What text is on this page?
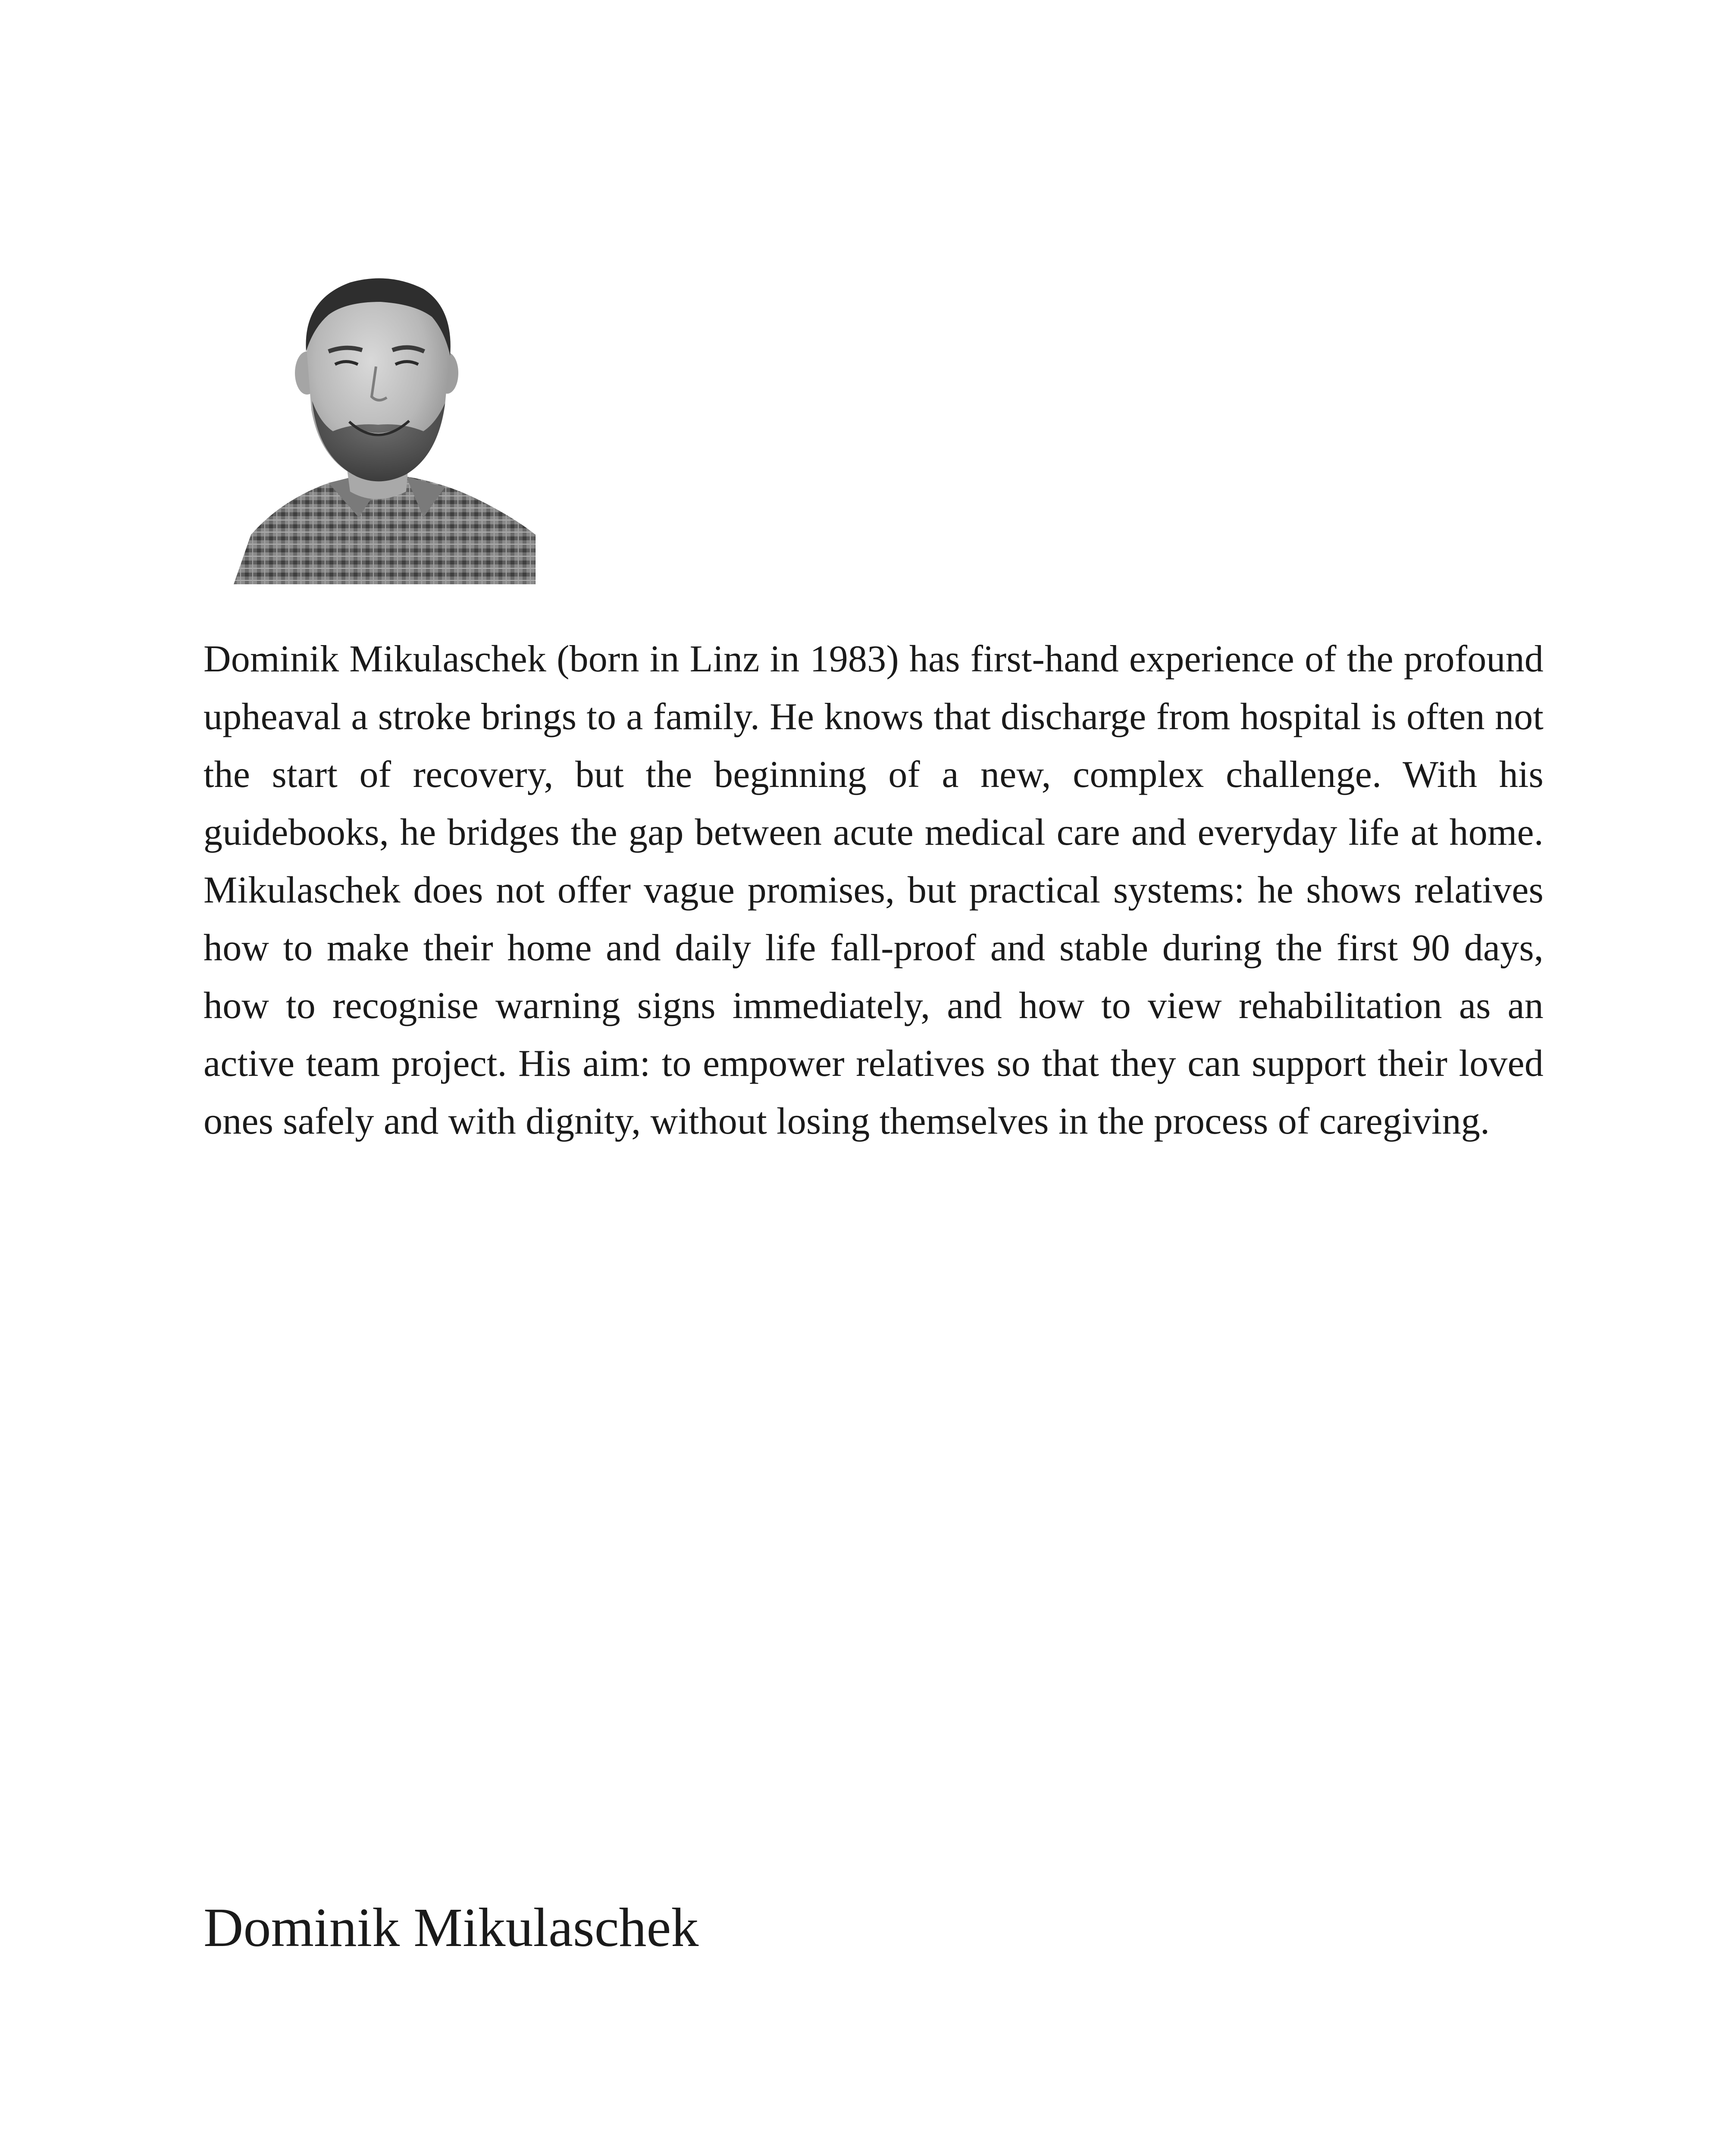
Dominik Mikulaschek (born in Linz in 1983) has first-hand experience of the profound upheaval a stroke brings to a family. He knows that discharge from hospital is often not the start of recovery, but the beginning of a new, complex challenge. With his guidebooks, he bridges the gap between acute medical care and everyday life at home. Mikulaschek does not offer vague promises, but practical systems: he shows relatives how to make their home and daily life fall-proof and stable during the first 90 days, how to recognise warning signs immediately, and how to view rehabilitation as an active team project. His aim: to empower relatives so that they can support their loved ones safely and with dignity, without losing themselves in the process of caregiving.

Dominik Mikulaschek
